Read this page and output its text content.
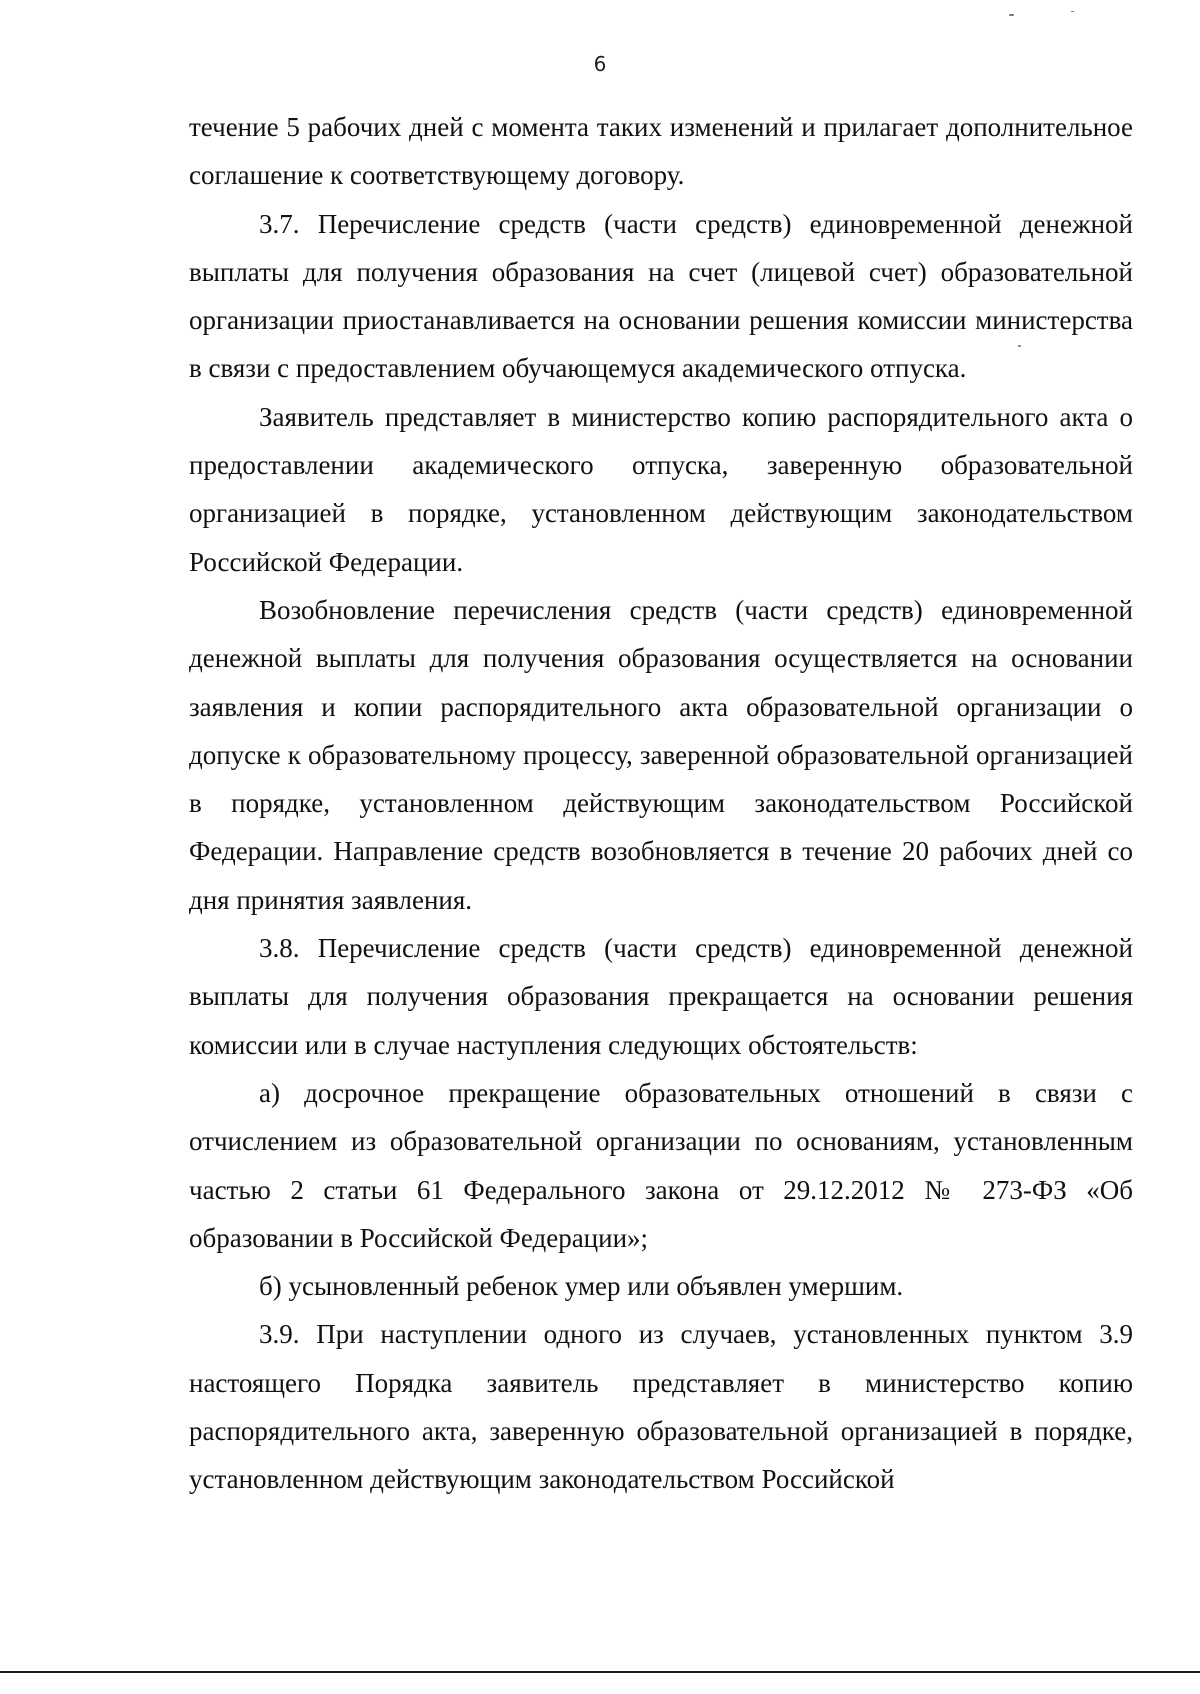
6

течение 5 рабочих дней с момента таких изменений и прилагает дополнительное соглашение к соответствующему договору.

3.7. Перечисление средств (части средств) единовременной денежной выплаты для получения образования на счет (лицевой счет) образовательной организации приостанавливается на основании решения комиссии министерства в связи с предоставлением обучающемуся академического отпуска.

Заявитель представляет в министерство копию распорядительного акта о предоставлении академического отпуска, заверенную образовательной организацией в порядке, установленном действующим законодательством Российской Федерации.

Возобновление перечисления средств (части средств) единовременной денежной выплаты для получения образования осуществляется на основании заявления и копии распорядительного акта образовательной организации о допуске к образовательному процессу, заверенной образовательной организацией в порядке, установленном действующим законодательством Российской Федерации. Направление средств возобновляется в течение 20 рабочих дней со дня принятия заявления.

3.8. Перечисление средств (части средств) единовременной денежной выплаты для получения образования прекращается на основании решения комиссии или в случае наступления следующих обстоятельств:

а) досрочное прекращение образовательных отношений в связи с отчислением из образовательной организации по основаниям, установленным частью 2 статьи 61 Федерального закона от 29.12.2012 № 273-ФЗ «Об образовании в Российской Федерации»;

б) усыновленный ребенок умер или объявлен умершим.

3.9. При наступлении одного из случаев, установленных пунктом 3.9 настоящего Порядка заявитель представляет в министерство копию распорядительного акта, заверенную образовательной организацией в порядке, установленном действующим законодательством Российской
